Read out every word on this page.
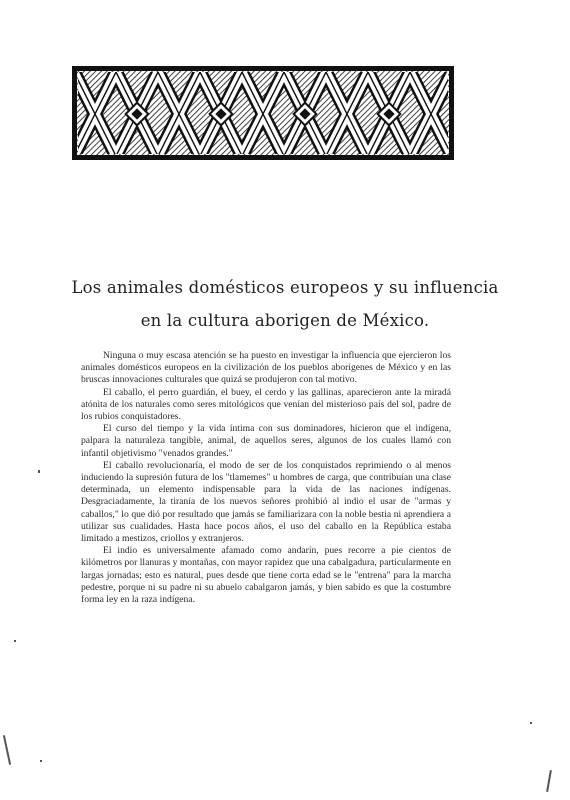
Los animales domésticos europeos y su influencia
en la cultura aborigen de México.

Ninguna o muy escasa atención se ha puesto en investigar la influencia que ejercieron los animales domésticos europeos en la civilización de los pueblos aborígenes de México y en las bruscas innovaciones culturales que quizá se produjeron con tal motivo.

El caballo, el perro guardián, el buey, el cerdo y las gallinas, aparecieron ante la miradá atónita de los naturales como seres mitológicos que venían del misterioso país del sol, padre de los rubios conquistadores.

El curso del tiempo y la vida íntima con sus dominadores, hicieron que el indígena, palpara la naturaleza tangible, animal, de aquellos seres, algunos de los cuales llamó con infantil objetivismo "venados grandes."

El caballo revolucionaría, el modo de ser de los conquistados reprimiendo o al menos induciendo la supresión futura de los "tlamemes" u hombres de carga, que contribuían una clase determinada, un elemento indispensable para la vida de las naciones indígenas. Desgraciadamente, la tiranía de los nuevos señores prohibió al indio el usar de "armas y caballos," lo que dió por resultado que jamás se familiarizara con la noble bestia ni aprendiera a utilizar sus cualidades. Hasta hace pocos años, el uso del caballo en la República estaba limitado a mestizos, criollos y extranjeros.

El indio es universalmente afamado como andarín, pues recorre a pie cientos de kilómetros por llanuras y montañas, con mayor rapidez que una cabalgadura, particularmente en largas jornadas; esto es natural, pues desde que tiene corta edad se le "entrena" para la marcha pedestre, porque ni su padre ni su abuelo cabalgaron jamás, y bien sabido es que la costumbre forma ley en la raza indígena.
